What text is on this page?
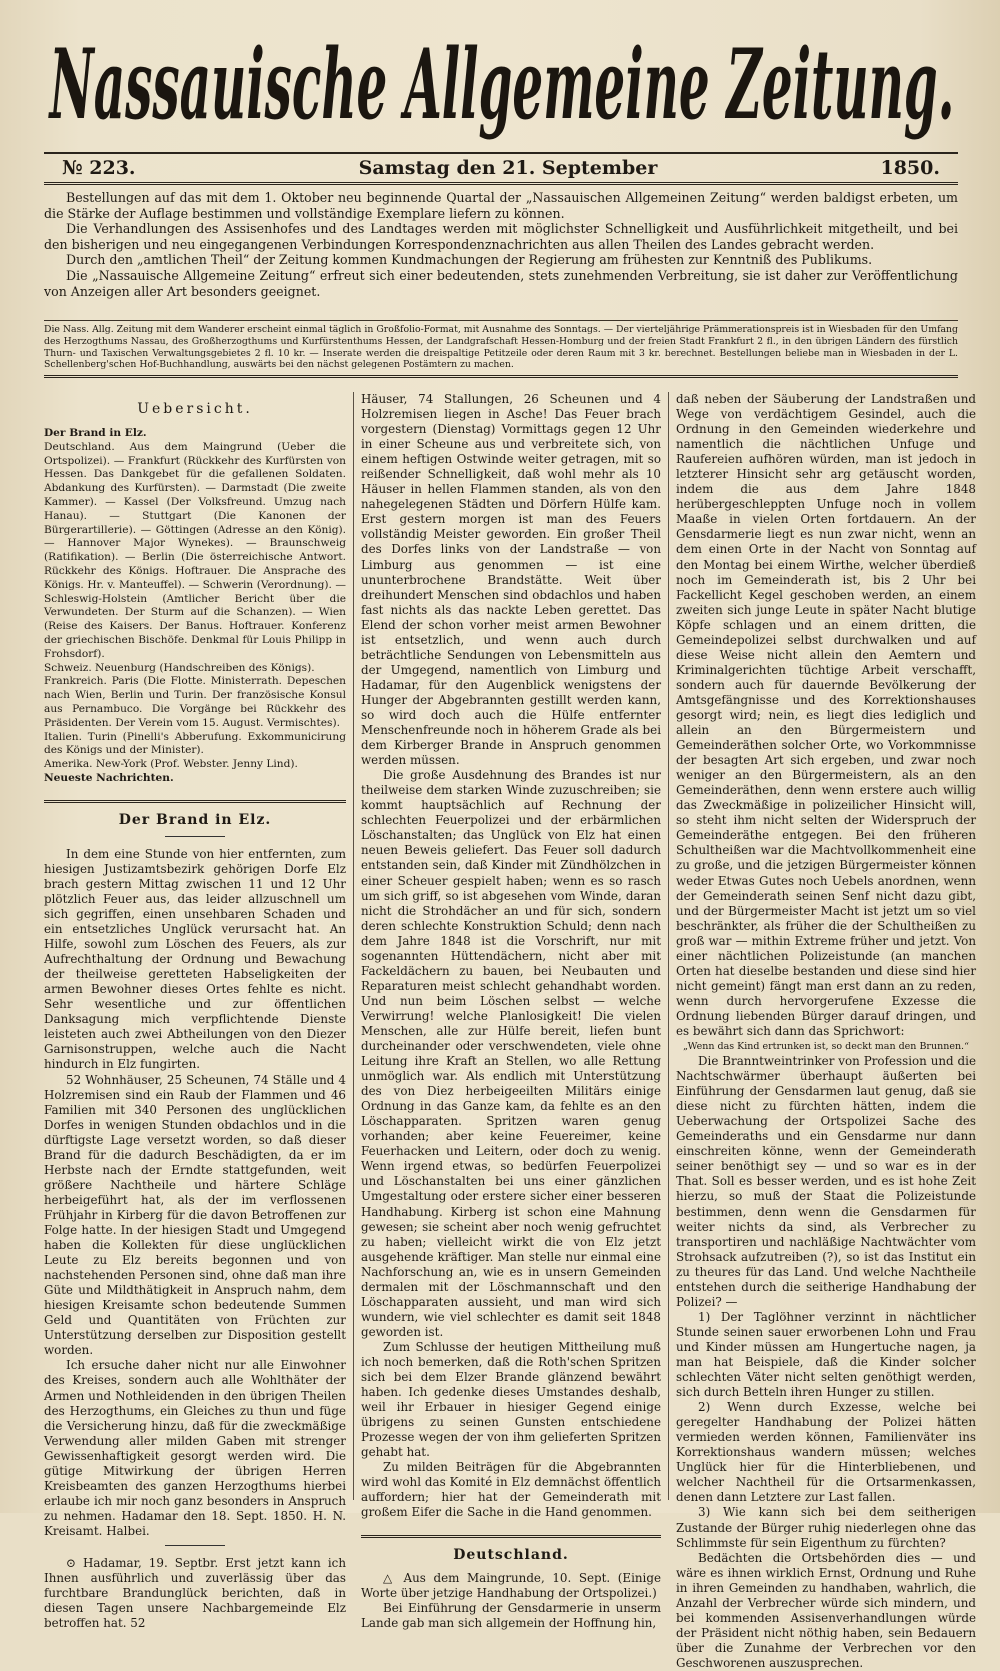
Nassauische Allgemeine Zeitung.
№ 223.	Samstag den 21. September	1850.

Bestellungen auf das mit dem 1. Oktober neu beginnende Quartal der „Nassauischen Allgemeinen Zeitung“ werden baldigst erbeten, um die Stärke der Auflage bestimmen und vollständige Exemplare liefern zu können.

Die Verhandlungen des Assisenhofes und des Landtages werden mit möglichster Schnelligkeit und Ausführlichkeit mitgetheilt, und bei den bisherigen und neu eingegangenen Verbindungen Korrespondenznachrichten aus allen Theilen des Landes gebracht werden.

Durch den „amtlichen Theil“ der Zeitung kommen Kundmachungen der Regierung am frühesten zur Kenntniß des Publikums.

Die „Nassauische Allgemeine Zeitung“ erfreut sich einer bedeutenden, stets zunehmenden Verbreitung, sie ist daher zur Veröffentlichung von Anzeigen aller Art besonders geeignet.

Die Nass. Allg. Zeitung mit dem Wanderer erscheint einmal täglich in Großfolio-Format, mit Ausnahme des Sonntags. — Der vierteljährige Prämmerationspreis ist in Wiesbaden für den Umfang des Herzogthums Nassau, des Großherzogthums und Kurfürstenthums Hessen, der Landgrafschaft Hessen-Homburg und der freien Stadt Frankfurt 2 fl., in den übrigen Ländern des fürstlich Thurn- und Taxischen Verwaltungsgebietes 2 fl. 10 kr. — Inserate werden die dreispaltige Petitzeile oder deren Raum mit 3 kr. berechnet. Bestellungen beliebe man in Wiesbaden in der L. Schellenberg'schen Hof-Buchhandlung, auswärts bei den nächst gelegenen Postämtern zu machen.
Uebersicht.

Der Brand in Elz.

Deutschland. Aus dem Maingrund (Ueber die Ortspolizei). — Frankfurt (Rückkehr des Kurfürsten von Hessen. Das Dankgebet für die gefallenen Soldaten. Abdankung des Kurfürsten). — Darmstadt (Die zweite Kammer). — Kassel (Der Volksfreund. Umzug nach Hanau). — Stuttgart (Die Kanonen der Bürgerartillerie). — Göttingen (Adresse an den König). — Hannover Major Wynekes). — Braunschweig (Ratifikation). — Berlin (Die österreichische Antwort. Rückkehr des Königs. Hoftrauer. Die Ansprache des Königs. Hr. v. Manteuffel). — Schwerin (Verordnung). — Schleswig-Holstein (Amtlicher Bericht über die Verwundeten. Der Sturm auf die Schanzen). — Wien (Reise des Kaisers. Der Banus. Hoftrauer. Konferenz der griechischen Bischöfe. Denkmal für Louis Philipp in Frohsdorf).

Schweiz. Neuenburg (Handschreiben des Königs).

Frankreich. Paris (Die Flotte. Ministerrath. Depeschen nach Wien, Berlin und Turin. Der französische Konsul aus Pernambuco. Die Vorgänge bei Rückkehr des Präsidenten. Der Verein vom 15. August. Vermischtes).

Italien. Turin (Pinelli's Abberufung. Exkommunicirung des Königs und der Minister).

Amerika. New-York (Prof. Webster. Jenny Lind).

Neueste Nachrichten.

Der Brand in Elz.

In dem eine Stunde von hier entfernten, zum hiesigen Justizamtsbezirk gehörigen Dorfe Elz brach gestern Mittag zwischen 11 und 12 Uhr plötzlich Feuer aus, das leider allzuschnell um sich gegriffen, einen unsehbaren Schaden und ein entsetzliches Unglück verursacht hat. An Hilfe, sowohl zum Löschen des Feuers, als zur Aufrechthaltung der Ordnung und Bewachung der theilweise geretteten Habseligkeiten der armen Bewohner dieses Ortes fehlte es nicht. Sehr wesentliche und zur öffentlichen Danksagung mich verpflichtende Dienste leisteten auch zwei Abtheilungen von den Diezer Garnisonstruppen, welche auch die Nacht hindurch in Elz fungirten.

52 Wohnhäuser, 25 Scheunen, 74 Ställe und 4 Holzremisen sind ein Raub der Flammen und 46 Familien mit 340 Personen des unglücklichen Dorfes in wenigen Stunden obdachlos und in die dürftigste Lage versetzt worden, so daß dieser Brand für die dadurch Beschädigten, da er im Herbste nach der Erndte stattgefunden, weit größere Nachtheile und härtere Schläge herbeigeführt hat, als der im verflossenen Frühjahr in Kirberg für die davon Betroffenen zur Folge hatte. In der hiesigen Stadt und Umgegend haben die Kollekten für diese unglücklichen Leute zu Elz bereits begonnen und von nachstehenden Personen sind, ohne daß man ihre Güte und Mildthätigkeit in Anspruch nahm, dem hiesigen Kreisamte schon bedeutende Summen Geld und Quantitäten von Früchten zur Unterstützung derselben zur Disposition gestellt worden.

Ich ersuche daher nicht nur alle Einwohner des Kreises, sondern auch alle Wohlthäter der Armen und Nothleidenden in den übrigen Theilen des Herzogthums, ein Gleiches zu thun und füge die Versicherung hinzu, daß für die zweckmäßige Verwendung aller milden Gaben mit strenger Gewissenhaftigkeit gesorgt werden wird. Die gütige Mitwirkung der übrigen Herren Kreisbeamten des ganzen Herzogthums hierbei erlaube ich mir noch ganz besonders in Anspruch zu nehmen. Hadamar den 18. Sept. 1850. H. N. Kreisamt. Halbei.

⊙ Hadamar, 19. Septbr. Erst jetzt kann ich Ihnen ausführlich und zuverlässig über das furchtbare Brandunglück berichten, daß in diesen Tagen unsere Nachbargemeinde Elz betroffen hat. 52

Häuser, 74 Stallungen, 26 Scheunen und 4 Holzremisen liegen in Asche! Das Feuer brach vorgestern (Dienstag) Vormittags gegen 12 Uhr in einer Scheune aus und verbreitete sich, von einem heftigen Ostwinde weiter getragen, mit so reißender Schnelligkeit, daß wohl mehr als 10 Häuser in hellen Flammen standen, als von den nahegelegenen Städten und Dörfern Hülfe kam. Erst gestern morgen ist man des Feuers vollständig Meister geworden. Ein großer Theil des Dorfes links von der Landstraße — von Limburg aus genommen — ist eine ununterbrochene Brandstätte. Weit über dreihundert Menschen sind obdachlos und haben fast nichts als das nackte Leben gerettet. Das Elend der schon vorher meist armen Bewohner ist entsetzlich, und wenn auch durch beträchtliche Sendungen von Lebensmitteln aus der Umgegend, namentlich von Limburg und Hadamar, für den Augenblick wenigstens der Hunger der Abgebrannten gestillt werden kann, so wird doch auch die Hülfe entfernter Menschenfreunde noch in höherem Grade als bei dem Kirberger Brande in Anspruch genommen werden müssen.

Die große Ausdehnung des Brandes ist nur theilweise dem starken Winde zuzuschreiben; sie kommt hauptsächlich auf Rechnung der schlechten Feuerpolizei und der erbärmlichen Löschanstalten; das Unglück von Elz hat einen neuen Beweis geliefert. Das Feuer soll dadurch entstanden sein, daß Kinder mit Zündhölzchen in einer Scheuer gespielt haben; wenn es so rasch um sich griff, so ist abgesehen vom Winde, daran nicht die Strohdächer an und für sich, sondern deren schlechte Konstruktion Schuld; denn nach dem Jahre 1848 ist die Vorschrift, nur mit sogenannten Hüttendächern, nicht aber mit Fackeldächern zu bauen, bei Neubauten und Reparaturen meist schlecht gehandhabt worden. Und nun beim Löschen selbst — welche Verwirrung! welche Planlosigkeit! Die vielen Menschen, alle zur Hülfe bereit, liefen bunt durcheinander oder verschwendeten, viele ohne Leitung ihre Kraft an Stellen, wo alle Rettung unmöglich war. Als endlich mit Unterstützung des von Diez herbeigeeilten Militärs einige Ordnung in das Ganze kam, da fehlte es an den Löschapparaten. Spritzen waren genug vorhanden; aber keine Feuereimer, keine Feuerhacken und Leitern, oder doch zu wenig. Wenn irgend etwas, so bedürfen Feuerpolizei und Löschanstalten bei uns einer gänzlichen Umgestaltung oder erstere sicher einer besseren Handhabung. Kirberg ist schon eine Mahnung gewesen; sie scheint aber noch wenig gefruchtet zu haben; vielleicht wirkt die von Elz jetzt ausgehende kräftiger. Man stelle nur einmal eine Nachforschung an, wie es in unsern Gemeinden dermalen mit der Löschmannschaft und den Löschapparaten aussieht, und man wird sich wundern, wie viel schlechter es damit seit 1848 geworden ist.

Zum Schlusse der heutigen Mittheilung muß ich noch bemerken, daß die Roth'schen Spritzen sich bei dem Elzer Brande glänzend bewährt haben. Ich gedenke dieses Umstandes deshalb, weil ihr Erbauer in hiesiger Gegend einige übrigens zu seinen Gunsten entschiedene Prozesse wegen der von ihm gelieferten Spritzen gehabt hat.

Zu milden Beiträgen für die Abgebrannten wird wohl das Komité in Elz demnächst öffentlich auffordern; hier hat der Gemeinderath mit großem Eifer die Sache in die Hand genommen.

Deutschland.

△ Aus dem Maingrunde, 10. Sept. (Einige Worte über jetzige Handhabung der Ortspolizei.)

Bei Einführung der Gensdarmerie in unserm Lande gab man sich allgemein der Hoffnung hin,

daß neben der Säuberung der Landstraßen und Wege von verdächtigem Gesindel, auch die Ordnung in den Gemeinden wiederkehre und namentlich die nächtlichen Unfuge und Raufereien aufhören würden, man ist jedoch in letzterer Hinsicht sehr arg getäuscht worden, indem die aus dem Jahre 1848 herübergeschleppten Unfuge noch in vollem Maaße in vielen Orten fortdauern. An der Gensdarmerie liegt es nun zwar nicht, wenn an dem einen Orte in der Nacht von Sonntag auf den Montag bei einem Wirthe, welcher überdieß noch im Gemeinderath ist, bis 2 Uhr bei Fackellicht Kegel geschoben werden, an einem zweiten sich junge Leute in später Nacht blutige Köpfe schlagen und an einem dritten, die Gemeindepolizei selbst durchwalken und auf diese Weise nicht allein den Aemtern und Kriminalgerichten tüchtige Arbeit verschafft, sondern auch für dauernde Bevölkerung der Amtsgefängnisse und des Korrektionshauses gesorgt wird; nein, es liegt dies lediglich und allein an den Bürgermeistern und Gemeinderäthen solcher Orte, wo Vorkommnisse der besagten Art sich ergeben, und zwar noch weniger an den Bürgermeistern, als an den Gemeinderäthen, denn wenn erstere auch willig das Zweckmäßige in polizeilicher Hinsicht will, so steht ihm nicht selten der Widerspruch der Gemeinderäthe entgegen. Bei den früheren Schultheißen war die Machtvollkommenheit eine zu große, und die jetzigen Bürgermeister können weder Etwas Gutes noch Uebels anordnen, wenn der Gemeinderath seinen Senf nicht dazu gibt, und der Bürgermeister Macht ist jetzt um so viel beschränkter, als früher die der Schultheißen zu groß war — mithin Extreme früher und jetzt. Von einer nächtlichen Polizeistunde (an manchen Orten hat dieselbe bestanden und diese sind hier nicht gemeint) fängt man erst dann an zu reden, wenn durch hervorgerufene Exzesse die Ordnung liebenden Bürger darauf dringen, und es bewährt sich dann das Sprichwort:

„Wenn das Kind ertrunken ist, so deckt man den Brunnen.“

Die Branntweintrinker von Profession und die Nachtschwärmer überhaupt äußerten bei Einführung der Gensdarmen laut genug, daß sie diese nicht zu fürchten hätten, indem die Ueberwachung der Ortspolizei Sache des Gemeinderaths und ein Gensdarme nur dann einschreiten könne, wenn der Gemeinderath seiner benöthigt sey — und so war es in der That. Soll es besser werden, und es ist hohe Zeit hierzu, so muß der Staat die Polizeistunde bestimmen, denn wenn die Gensdarmen für weiter nichts da sind, als Verbrecher zu transportiren und nachläßige Nachtwächter vom Strohsack aufzutreiben (?), so ist das Institut ein zu theures für das Land. Und welche Nachtheile entstehen durch die seitherige Handhabung der Polizei? —

1) Der Taglöhner verzinnt in nächtlicher Stunde seinen sauer erworbenen Lohn und Frau und Kinder müssen am Hungertuche nagen, ja man hat Beispiele, daß die Kinder solcher schlechten Väter nicht selten genöthigt werden, sich durch Betteln ihren Hunger zu stillen.

2) Wenn durch Exzesse, welche bei geregelter Handhabung der Polizei hätten vermieden werden können, Familienväter ins Korrektionshaus wandern müssen; welches Unglück hier für die Hinterbliebenen, und welcher Nachtheil für die Ortsarmenkassen, denen dann Letztere zur Last fallen.

3) Wie kann sich bei dem seitherigen Zustande der Bürger ruhig niederlegen ohne das Schlimmste für sein Eigenthum zu fürchten?

Bedächten die Ortsbehörden dies — und wäre es ihnen wirklich Ernst, Ordnung und Ruhe in ihren Gemeinden zu handhaben, wahrlich, die Anzahl der Verbrecher würde sich mindern, und bei kommenden Assisenverhandlungen würde der Präsident nicht nöthig haben, sein Bedauern über die Zunahme der Verbrechen vor den Geschworenen auszusprechen.
